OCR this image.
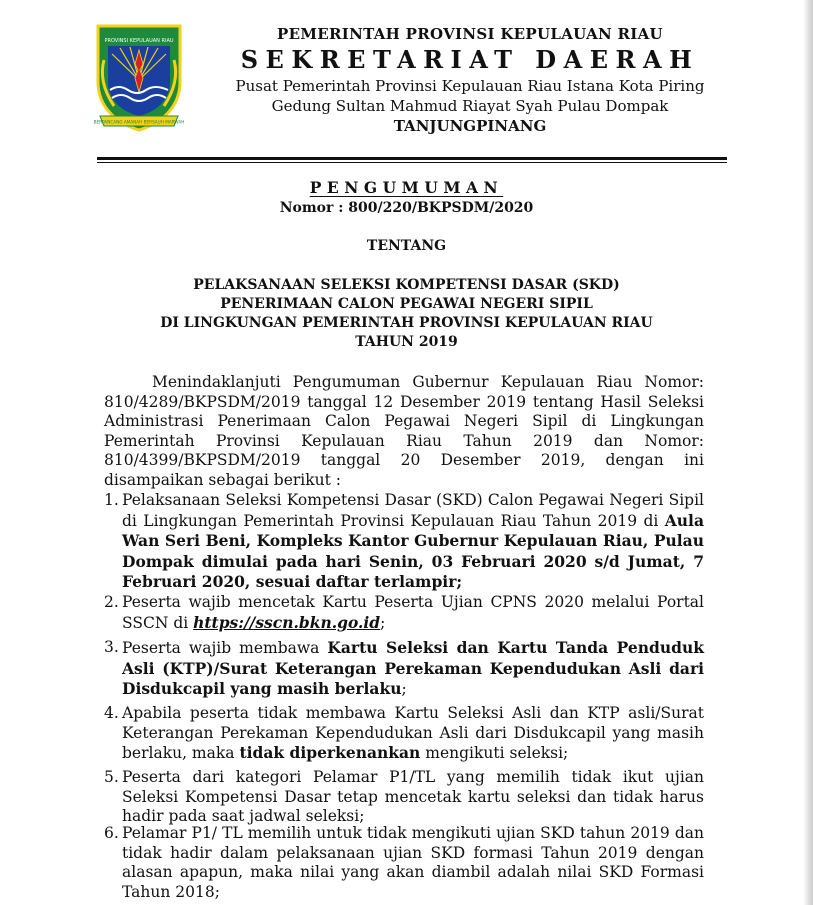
PROVINSI KEPULAUAN RIAU
BERPANCANG AMANAH BERSAUH MARWAH
PEMERINTAH PROVINSI KEPULAUAN RIAU
SEKRETARIAT DAERAH
Pusat Pemerintah Provinsi Kepulauan Riau Istana Kota Piring
Gedung Sultan Mahmud Riayat Syah Pulau Dompak
TANJUNGPINANG
PENGUMUMAN
Nomor : 800/220/BKPSDM/2020
TENTANG
PELAKSANAAN SELEKSI KOMPETENSI DASAR (SKD)
PENERIMAAN CALON PEGAWAI NEGERI SIPIL
DI LINGKUNGAN PEMERINTAH PROVINSI KEPULAUAN RIAU
TAHUN 2019
Menindaklanjuti Pengumuman Gubernur Kepulauan Riau Nomor: 810/4289/BKPSDM/2019 tanggal 12 Desember 2019 tentang Hasil Seleksi Administrasi Penerimaan Calon Pegawai Negeri Sipil di Lingkungan Pemerintah Provinsi Kepulauan Riau Tahun 2019 dan Nomor: 810/4399/BKPSDM/2019 tanggal 20 Desember 2019, dengan ini disampaikan sebagai berikut :
1. Pelaksanaan Seleksi Kompetensi Dasar (SKD) Calon Pegawai Negeri Sipil di Lingkungan Pemerintah Provinsi Kepulauan Riau Tahun 2019 di Aula Wan Seri Beni, Kompleks Kantor Gubernur Kepulauan Riau, Pulau Dompak dimulai pada hari Senin, 03 Februari 2020 s/d Jumat, 7 Februari 2020, sesuai daftar terlampir;
2. Peserta wajib mencetak Kartu Peserta Ujian CPNS 2020 melalui Portal SSCN di https://sscn.bkn.go.id;
3. Peserta wajib membawa Kartu Seleksi dan Kartu Tanda Penduduk Asli (KTP)/Surat Keterangan Perekaman Kependudukan Asli dari Disdukcapil yang masih berlaku;
4. Apabila peserta tidak membawa Kartu Seleksi Asli dan KTP asli/Surat Keterangan Perekaman Kependudukan Asli dari Disdukcapil yang masih berlaku, maka tidak diperkenankan mengikuti seleksi;
5. Peserta dari kategori Pelamar P1/TL yang memilih tidak ikut ujian Seleksi Kompetensi Dasar tetap mencetak kartu seleksi dan tidak harus hadir pada saat jadwal seleksi;
6. Pelamar P1/ TL memilih untuk tidak mengikuti ujian SKD tahun 2019 dan tidak hadir dalam pelaksanaan ujian SKD formasi Tahun 2019 dengan alasan apapun, maka nilai yang akan diambil adalah nilai SKD Formasi Tahun 2018;
